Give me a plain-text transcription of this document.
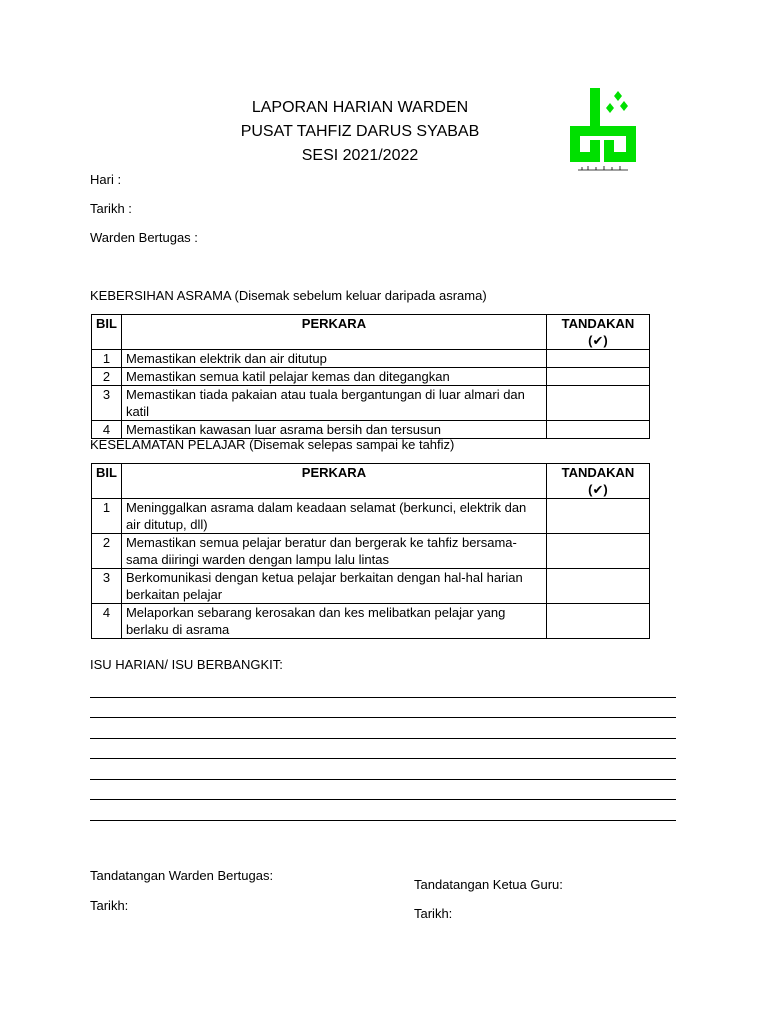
LAPORAN HARIAN WARDEN
PUSAT TAHFIZ DARUS SYABAB
SESI 2021/2022
Hari :
Tarikh :
Warden Bertugas :
KEBERSIHAN ASRAMA (Disemak sebelum keluar daripada asrama)
BIL	PERKARA	TANDAKAN (✔)
1	Memastikan elektrik dan air ditutup	
2	Memastikan semua katil pelajar kemas dan ditegangkan	
3	Memastikan tiada pakaian atau tuala bergantungan di luar almari dan katil	
4	Memastikan kawasan luar asrama bersih dan tersusun	
KESELAMATAN PELAJAR (Disemak selepas sampai ke tahfiz)
BIL	PERKARA	TANDAKAN (✔)
1	Meninggalkan asrama dalam keadaan selamat (berkunci, elektrik dan air ditutup, dll)	
2	Memastikan semua pelajar beratur dan bergerak ke tahfiz bersama-sama diiringi warden dengan lampu lalu lintas	
3	Berkomunikasi dengan ketua pelajar berkaitan dengan hal-hal harian berkaitan pelajar	
4	Melaporkan sebarang kerosakan dan kes melibatkan pelajar yang berlaku di asrama	
ISU HARIAN/ ISU BERBANGKIT:
Tandatangan Warden Bertugas:
Tarikh:
Tandatangan Ketua Guru:
Tarikh:
